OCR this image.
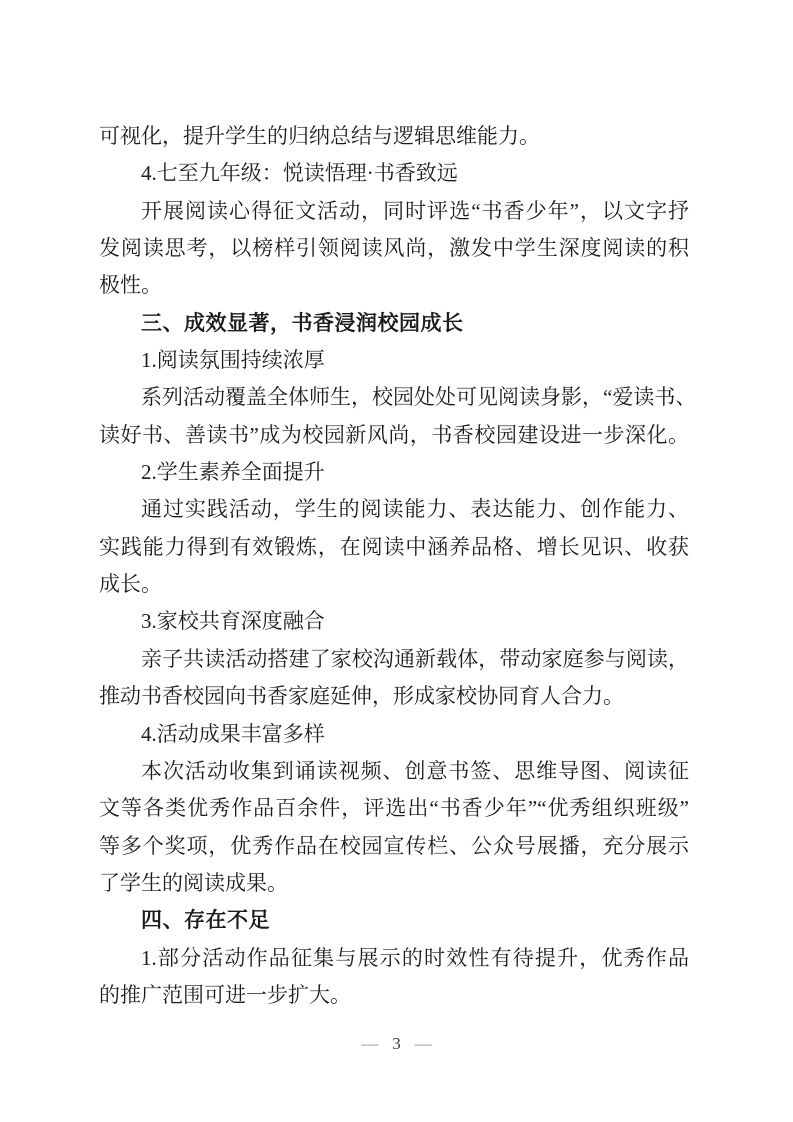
可视化，提升学生的归纳总结与逻辑思维能力。
4.七至九年级：悦读悟理·书香致远
开展阅读心得征文活动，同时评选“书香少年”，以文字抒
发阅读思考，以榜样引领阅读风尚，激发中学生深度阅读的积
极性。
三、成效显著，书香浸润校园成长
1.阅读氛围持续浓厚
系列活动覆盖全体师生，校园处处可见阅读身影，“爱读书、
读好书、善读书”成为校园新风尚，书香校园建设进一步深化。
2.学生素养全面提升
通过实践活动，学生的阅读能力、表达能力、创作能力、
实践能力得到有效锻炼，在阅读中涵养品格、增长见识、收获
成长。
3.家校共育深度融合
亲子共读活动搭建了家校沟通新载体，带动家庭参与阅读，
推动书香校园向书香家庭延伸，形成家校协同育人合力。
4.活动成果丰富多样
本次活动收集到诵读视频、创意书签、思维导图、阅读征
文等各类优秀作品百余件，评选出“书香少年”“优秀组织班级”
等多个奖项，优秀作品在校园宣传栏、公众号展播，充分展示
了学生的阅读成果。
四、存在不足
1.部分活动作品征集与展示的时效性有待提升，优秀作品
的推广范围可进一步扩大。
— 3 —
